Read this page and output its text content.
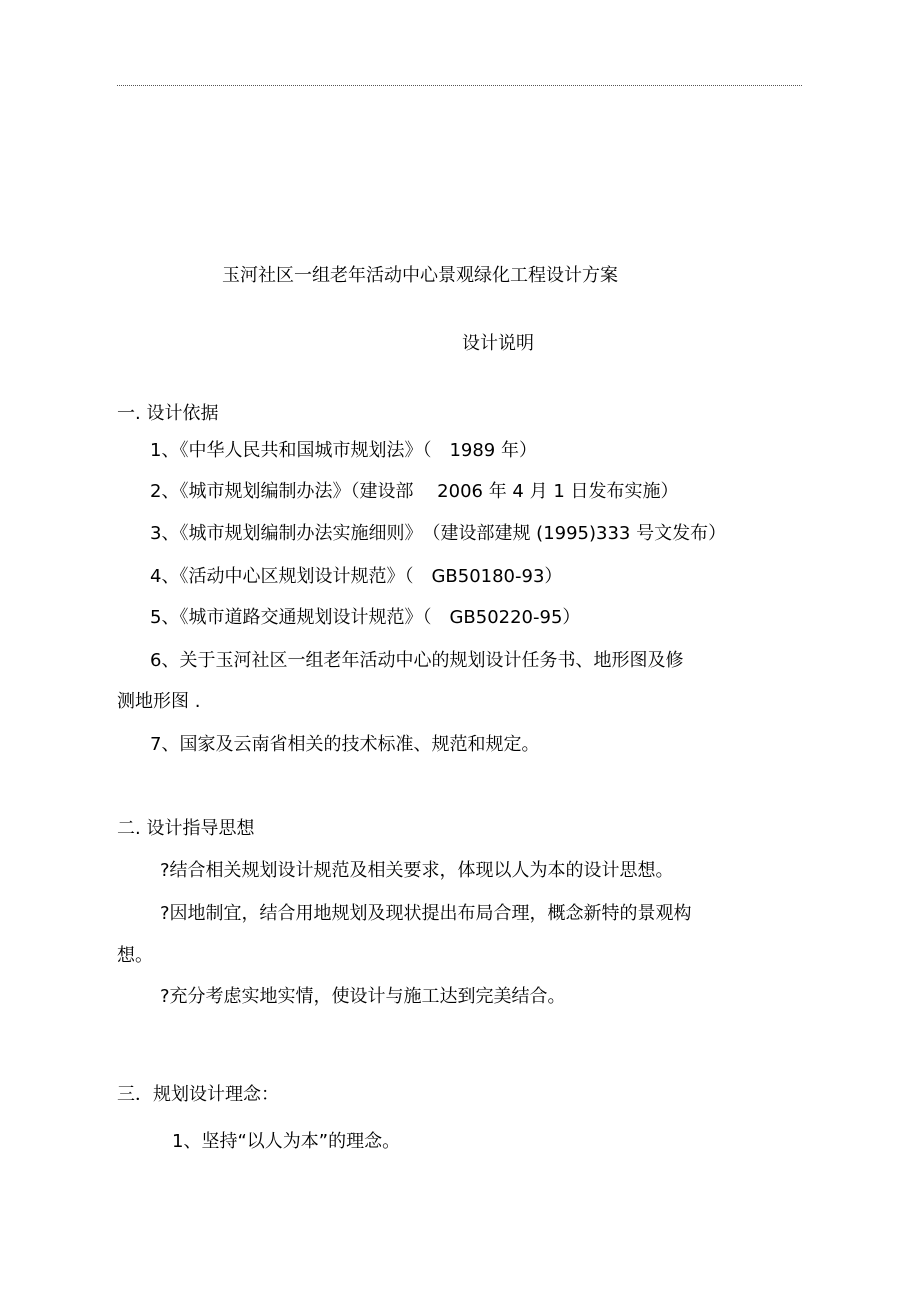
玉河社区一组老年活动中心景观绿化工程设计方案
设计说明
一. 设计依据
1、《中华人民共和国城市规划法》（　1989 年）
2、《城市规划编制办法》（建设部　 2006 年 4 月 1 日发布实施）
3、《城市规划编制办法实施细则》　（建设部建规 (1995)333 号文发布）
4、《活动中心区规划设计规范》（　GB50180-93）
5、《城市道路交通规划设计规范》（　GB50220-95）
6、关于玉河社区一组老年活动中心的规划设计任务书、地形图及修
测地形图 .
7、国家及云南省相关的技术标准、规范和规定。
二. 设计指导思想
?结合相关规划设计规范及相关要求，体现以人为本的设计思想。
?因地制宜，结合用地规划及现状提出布局合理，概念新特的景观构
想。
?充分考虑实地实情，使设计与施工达到完美结合。
三．规划设计理念：
1、坚持“以人为本”的理念。
